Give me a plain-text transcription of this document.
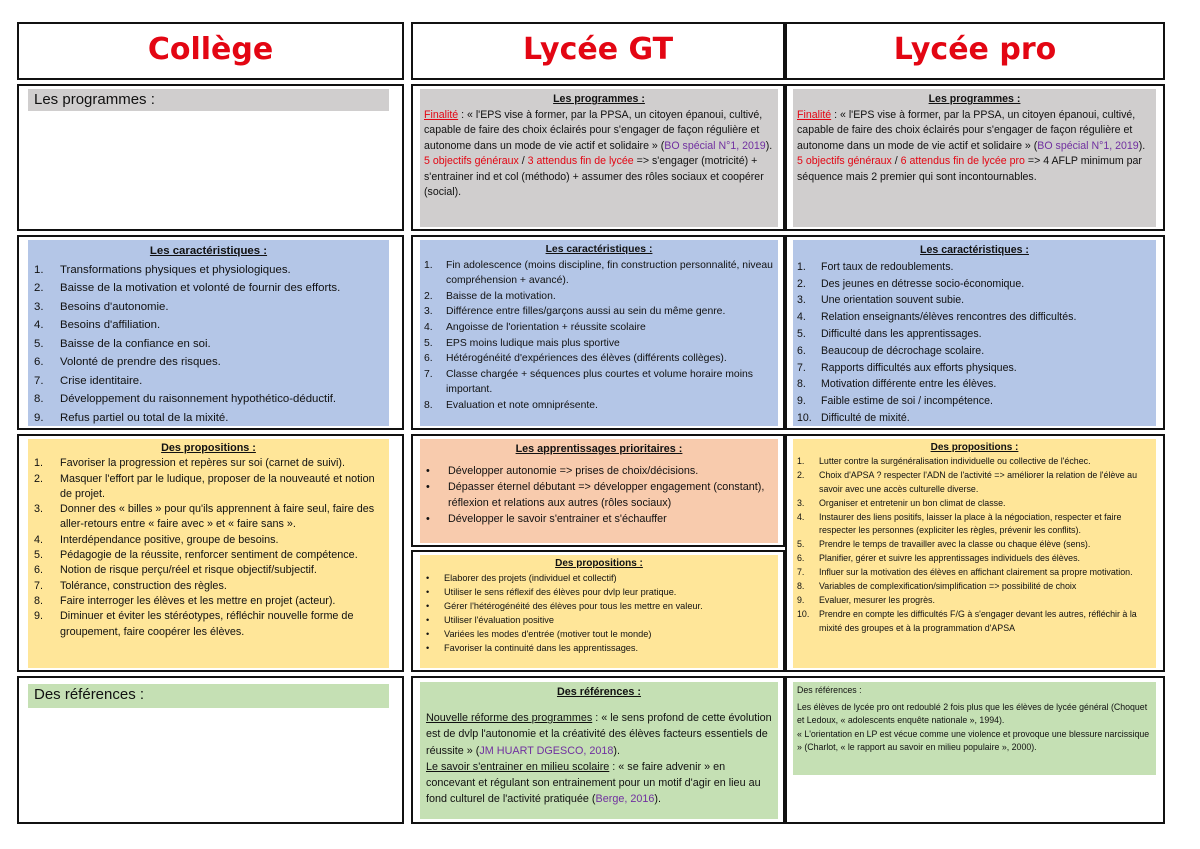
Collège	Lycée GT	Lycée pro
Les programmes :	Les programmes :
Finalité : « l'EPS vise à former, par la PPSA, un citoyen épanoui, cultivé, capable de faire des choix éclairés pour s'engager de façon régulière et autonome dans un mode de vie actif et solidaire » (BO spécial N°1, 2019).
5 objectifs généraux / 3 attendus fin de lycée => s'engager (motricité) + s'entrainer ind et col (méthodo) + assumer des rôles sociaux et coopérer (social).
Les programmes :
Finalité : « l'EPS vise à former, par la PPSA, un citoyen épanoui, cultivé, capable de faire des choix éclairés pour s'engager de façon régulière et autonome dans un mode de vie actif et solidaire » (BO spécial N°1, 2019).
5 objectifs généraux / 6 attendus fin de lycée pro => 4 AFLP minimum par séquence mais 2 premier qui sont incontournables.
Les caractéristiques :
1. Transformations physiques et physiologiques.
2. Baisse de la motivation et volonté de fournir des efforts.
3. Besoins d'autonomie.
4. Besoins d'affiliation.
5. Baisse de la confiance en soi.
6. Volonté de prendre des risques.
7. Crise identitaire.
8. Développement du raisonnement hypothético-déductif.
9. Refus partiel ou total de la mixité.
Les caractéristiques :
1. Fin adolescence (moins discipline, fin construction personnalité, niveau compréhension + avancé).
2. Baisse de la motivation.
3. Différence entre filles/garçons aussi au sein du même genre.
4. Angoisse de l'orientation + réussite scolaire
5. EPS moins ludique mais plus sportive
6. Hétérogénéité d'expériences des élèves (différents collèges).
7. Classe chargée + séquences plus courtes et volume horaire moins important.
8. Evaluation et note omniprésente.
Les caractéristiques :
1. Fort taux de redoublements.
2. Des jeunes en détresse socio-économique.
3. Une orientation souvent subie.
4. Relation enseignants/élèves rencontres des difficultés.
5. Difficulté dans les apprentissages.
6. Beaucoup de décrochage scolaire.
7. Rapports difficultés aux efforts physiques.
8. Motivation différente entre les élèves.
9. Faible estime de soi / incompétence.
10. Difficulté de mixité.
Des propositions :
1. Favoriser la progression et repères sur soi (carnet de suivi).
2. Masquer l'effort par le ludique, proposer de la nouveauté et notion de projet.
3. Donner des « billes » pour qu'ils apprennent à faire seul, faire des aller-retours entre « faire avec » et « faire sans ».
4. Interdépendance positive, groupe de besoins.
5. Pédagogie de la réussite, renforcer sentiment de compétence.
6. Notion de risque perçu/réel et risque objectif/subjectif.
7. Tolérance, construction des règles.
8. Faire interroger les élèves et les mettre en projet (acteur).
9. Diminuer et éviter les stéréotypes, réfléchir nouvelle forme de groupement, faire coopérer les élèves.
Les apprentissages prioritaires :
• Développer autonomie => prises de choix/décisions.
• Dépasser éternel débutant => développer engagement (constant), réflexion et relations aux autres (rôles sociaux)
• Développer le savoir s'entrainer et s'échauffer
Des propositions :
• Elaborer des projets (individuel et collectif)
• Utiliser le sens réflexif des élèves pour dvlp leur pratique.
• Gérer l'hétérogénéité des élèves pour tous les mettre en valeur.
• Utiliser l'évaluation positive
• Variées les modes d'entrée (motiver tout le monde)
• Favoriser la continuité dans les apprentissages.
Des propositions :
1. Lutter contre la surgénéralisation individuelle ou collective de l'échec.
2. Choix d'APSA ? respecter l'ADN de l'activité => améliorer la relation de l'élève au savoir avec une accès culturelle diverse.
3. Organiser et entretenir un bon climat de classe.
4. Instaurer des liens positifs, laisser la place à la négociation, respecter et faire respecter les personnes (expliciter les règles, prévenir les conflits).
5. Prendre le temps de travailler avec la classe ou chaque élève (sens).
6. Planifier, gérer et suivre les apprentissages individuels des élèves.
7. Influer sur la motivation des élèves en affichant clairement sa propre motivation.
8. Variables de complexification/simplification => possibilité de choix
9. Evaluer, mesurer les progrès.
10. Prendre en compte les difficultés F/G à s'engager devant les autres, réfléchir à la mixité des groupes et à la programmation d'APSA
Des références :	Des références :
Nouvelle réforme des programmes : « le sens profond de cette évolution est de dvlp l'autonomie et la créativité des élèves facteurs essentiels de réussite » (JM HUART DGESCO, 2018).
Le savoir s'entrainer en milieu scolaire : « se faire advenir » en concevant et régulant son entrainement pour un motif d'agir en lieu au fond culturel de l'activité pratiquée (Berge, 2016).
Des références :
Les élèves de lycée pro ont redoublé 2 fois plus que les élèves de lycée général (Choquet et Ledoux, « adolescents enquête nationale », 1994).
« L'orientation en LP est vécue comme une violence et provoque une blessure narcissique » (Charlot, « le rapport au savoir en milieu populaire », 2000).
